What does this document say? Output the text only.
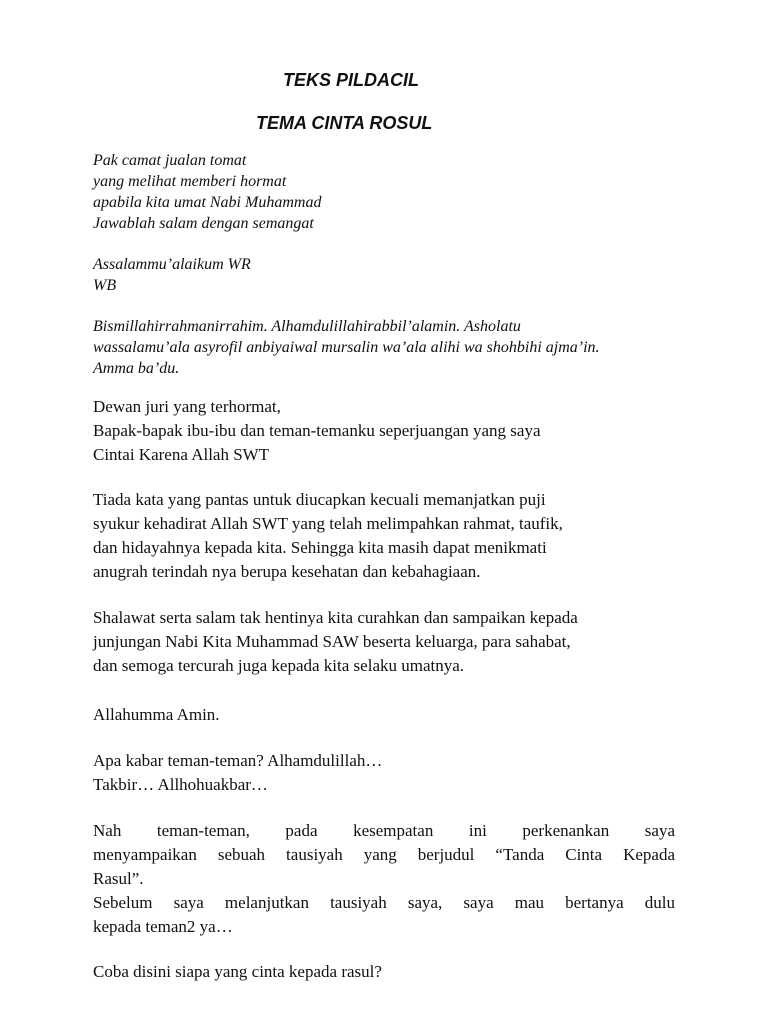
TEKS PILDACIL
TEMA CINTA ROSUL
Pak camat jualan tomat
yang melihat memberi hormat
apabila kita umat Nabi Muhammad
Jawablah salam dengan semangat
Assalammu’alaikum WR
WB
Bismillahirrahmanirrahim. Alhamdulillahirabbil’alamin. Asholatu
wassalamu’ala asyrofil anbiyaiwal mursalin wa’ala alihi wa shohbihi ajma’in.
Amma ba’du.
Dewan juri yang terhormat,
Bapak-bapak ibu-ibu dan teman-temanku seperjuangan yang saya
Cintai Karena Allah SWT
Tiada kata yang pantas untuk diucapkan kecuali memanjatkan puji
syukur kehadirat Allah SWT yang telah melimpahkan rahmat, taufik,
dan hidayahnya kepada kita. Sehingga kita masih dapat menikmati
anugrah terindah nya berupa kesehatan dan kebahagiaan.
Shalawat serta salam tak hentinya kita curahkan dan sampaikan kepada
junjungan Nabi Kita Muhammad SAW beserta keluarga, para sahabat,
dan semoga tercurah juga kepada kita selaku umatnya.
Allahumma Amin.
Apa kabar teman-teman? Alhamdulillah…
Takbir… Allhohuakbar…
Nah teman-teman, pada kesempatan ini perkenankan saya
menyampaikan sebuah tausiyah yang berjudul “Tanda Cinta Kepada
Rasul”.
Sebelum saya melanjutkan tausiyah saya, saya mau bertanya dulu
kepada teman2 ya…
Coba disini siapa yang cinta kepada rasul?
